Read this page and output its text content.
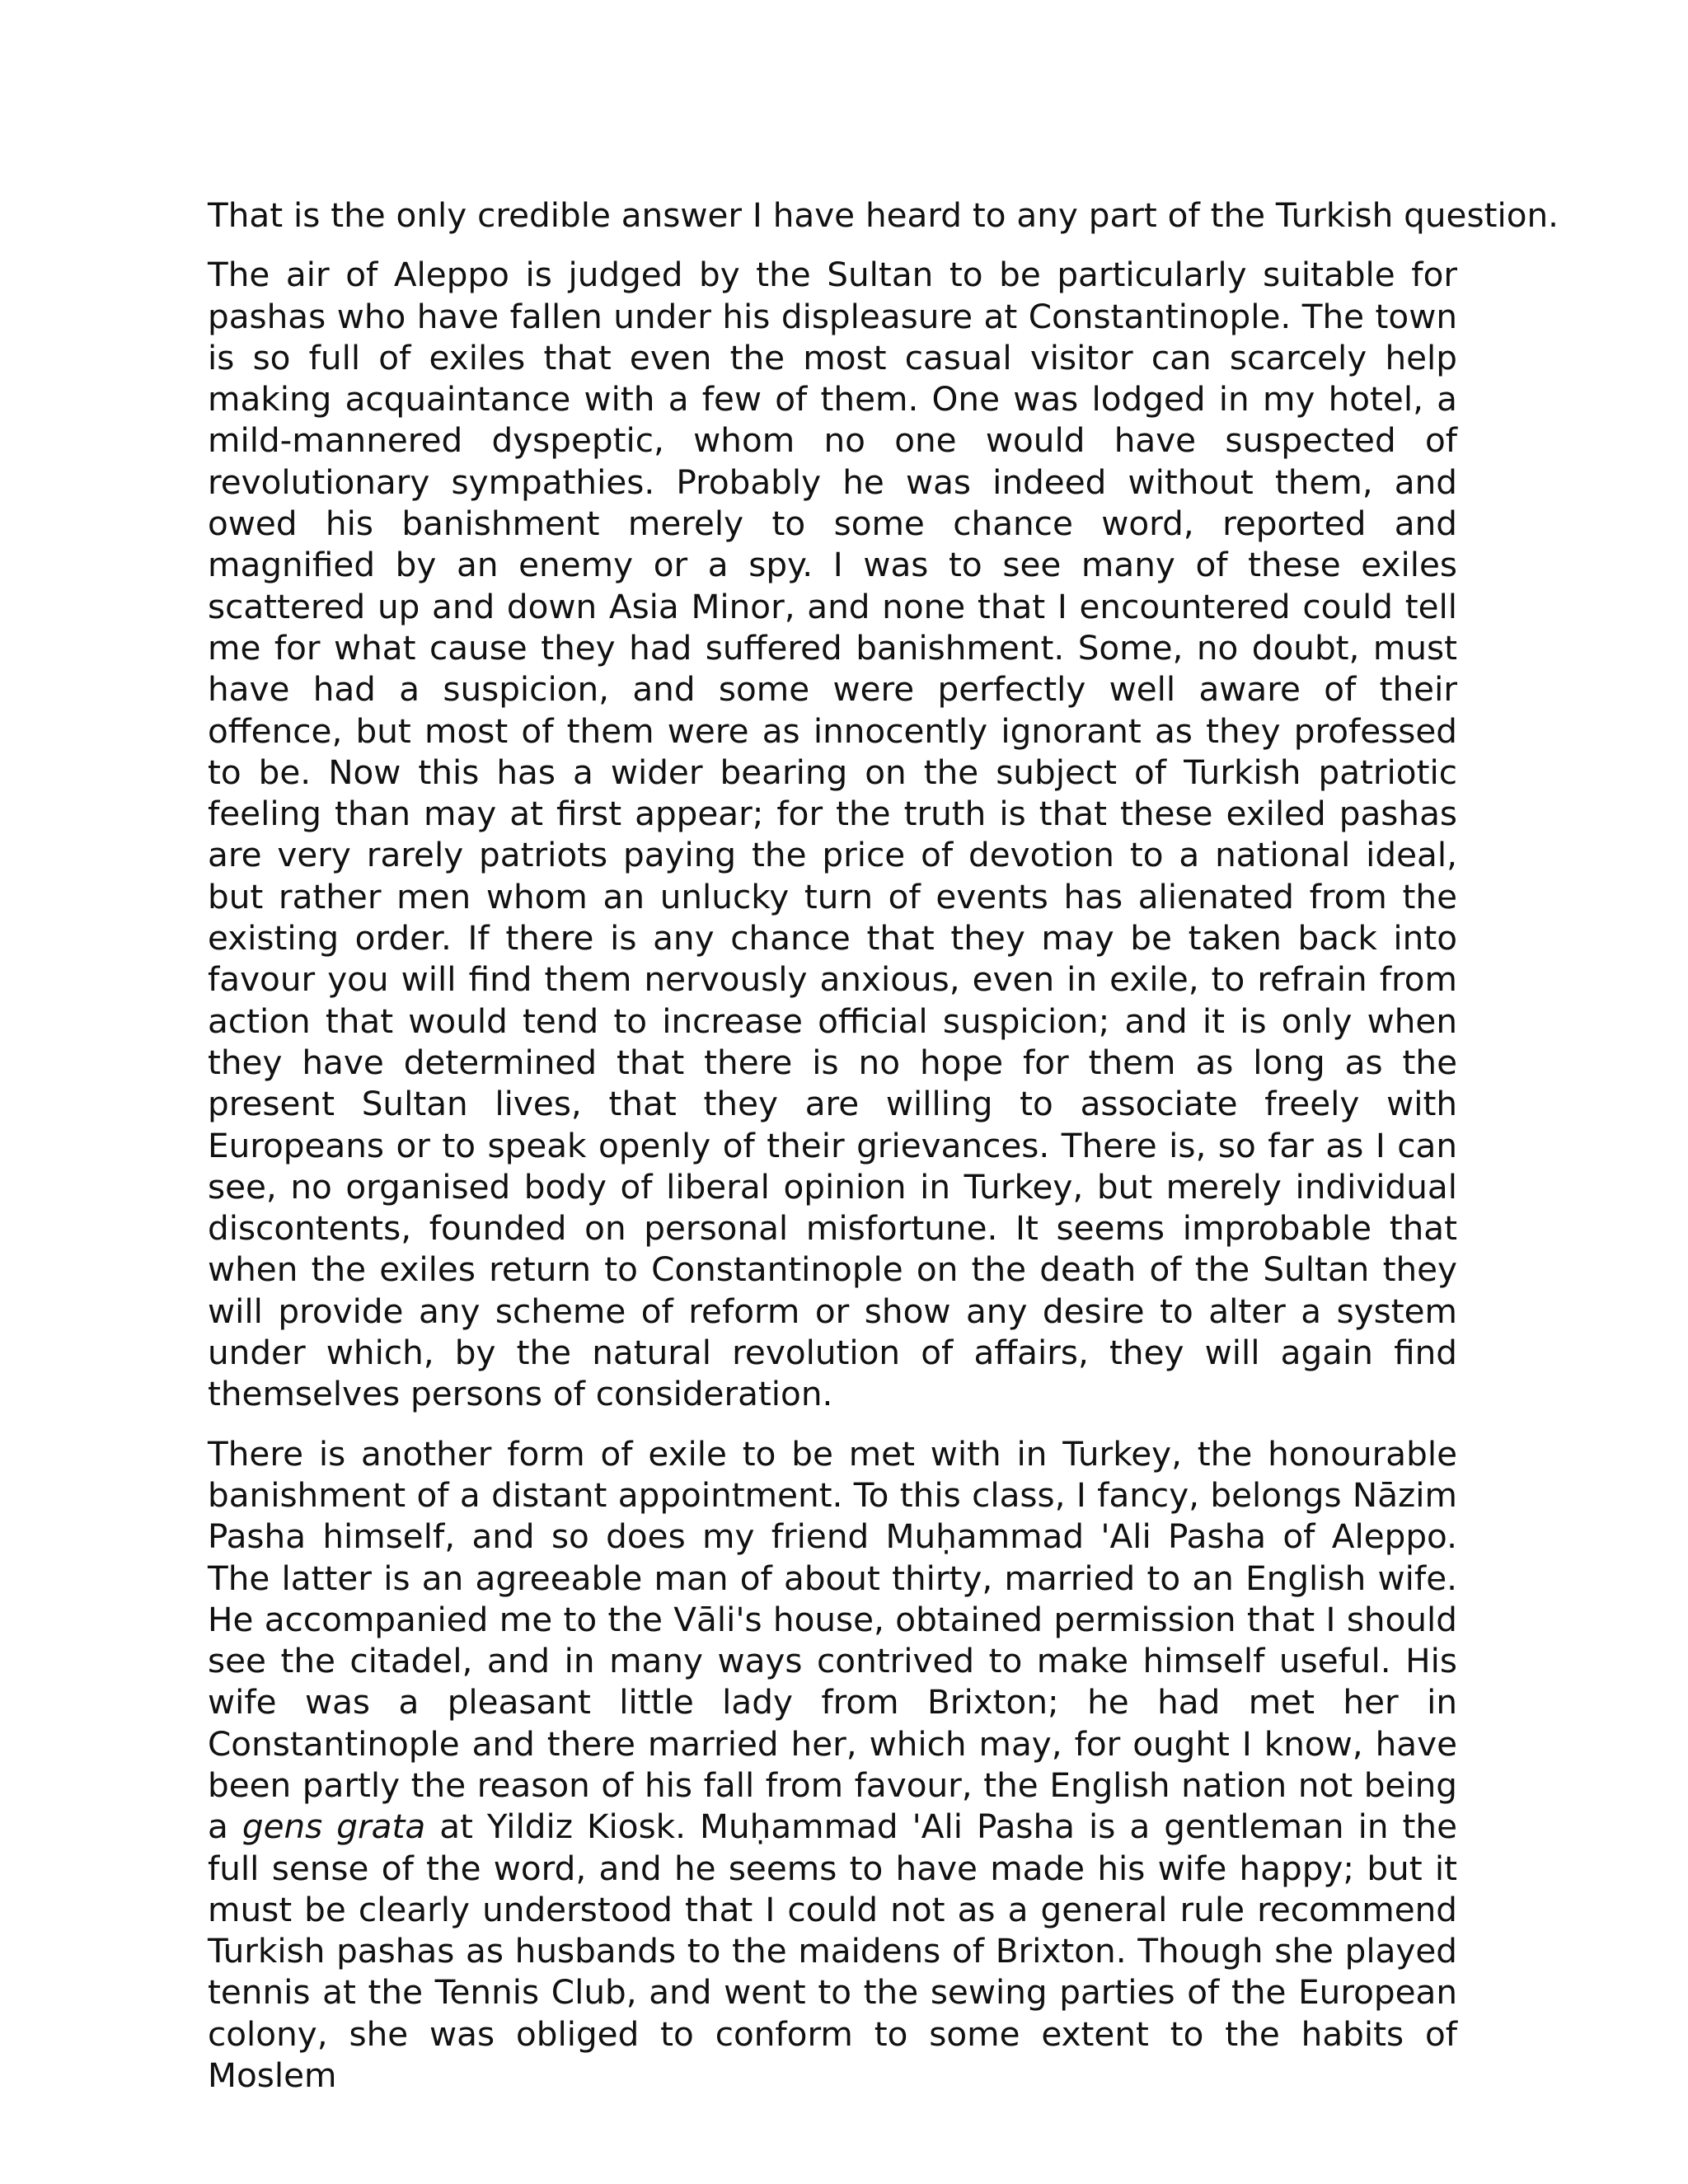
That is the only credible answer I have heard to any part of the Turkish question.

The air of Aleppo is judged by the Sultan to be particularly suitable for pashas who have fallen under his displeasure at Constantinople. The town is so full of exiles that even the most casual visitor can scarcely help making acquaintance with a few of them. One was lodged in my hotel, a mild-mannered dyspeptic, whom no one would have suspected of revolutionary sympathies. Probably he was indeed without them, and owed his banishment merely to some chance word, reported and magnified by an enemy or a spy. I was to see many of these exiles scattered up and down Asia Minor, and none that I encountered could tell me for what cause they had suffered banishment. Some, no doubt, must have had a suspicion, and some were perfectly well aware of their offence, but most of them were as innocently ignorant as they professed to be. Now this has a wider bearing on the subject of Turkish patriotic feeling than may at first appear; for the truth is that these exiled pashas are very rarely patriots paying the price of devotion to a national ideal, but rather men whom an unlucky turn of events has alienated from the existing order. If there is any chance that they may be taken back into favour you will find them nervously anxious, even in exile, to refrain from action that would tend to increase official suspicion; and it is only when they have determined that there is no hope for them as long as the present Sultan lives, that they are willing to associate freely with Europeans or to speak openly of their grievances. There is, so far as I can see, no organised body of liberal opinion in Turkey, but merely individual discontents, founded on personal misfortune. It seems improbable that when the exiles return to Constantinople on the death of the Sultan they will provide any scheme of reform or show any desire to alter a system under which, by the natural revolution of affairs, they will again find themselves persons of consideration.

There is another form of exile to be met with in Turkey, the honourable banishment of a distant appointment. To this class, I fancy, belongs Nāzim Pasha himself, and so does my friend Muḥammad 'Ali Pasha of Aleppo. The latter is an agreeable man of about thirty, married to an English wife. He accompanied me to the Vāli's house, obtained permission that I should see the citadel, and in many ways contrived to make himself useful. His wife was a pleasant little lady from Brixton; he had met her in Constantinople and there married her, which may, for ought I know, have been partly the reason of his fall from favour, the English nation not being a gens grata at Yildiz Kiosk. Muḥammad 'Ali Pasha is a gentleman in the full sense of the word, and he seems to have made his wife happy; but it must be clearly understood that I could not as a general rule recommend Turkish pashas as husbands to the maidens of Brixton. Though she played tennis at the Tennis Club, and went to the sewing parties of the European colony, she was obliged to conform to some extent to the habits of Moslem
